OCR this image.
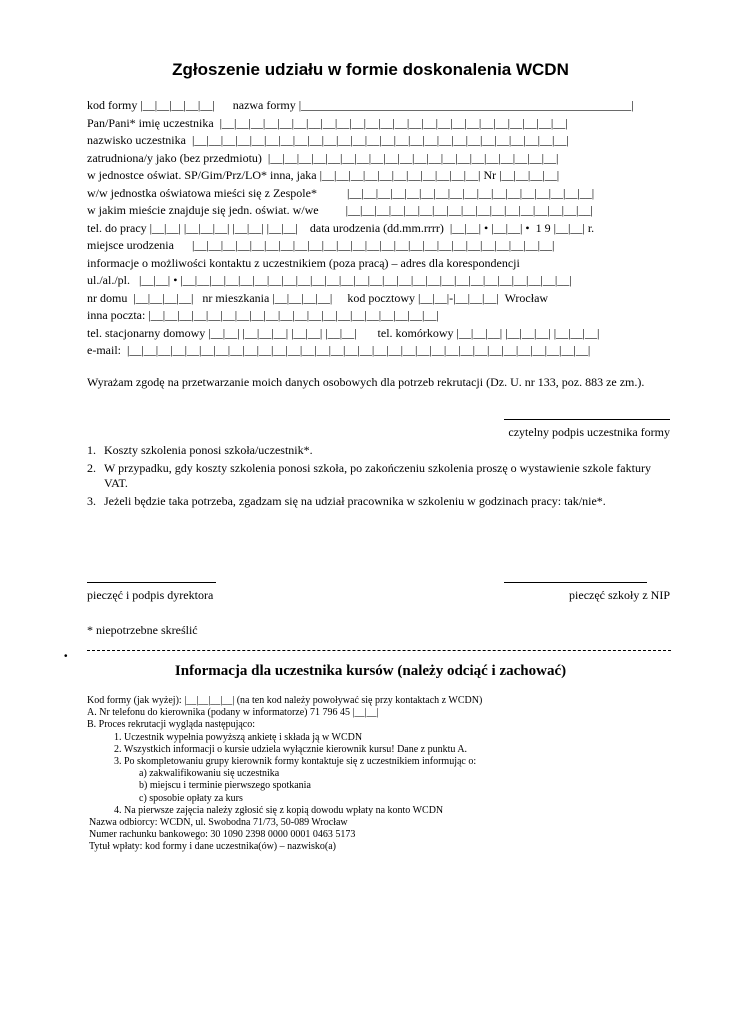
Zgłoszenie udziału w formie doskonalenia WCDN
kod formy |__|__|__|__|__|      nazwa formy |_______________________________________________________|
Pan/Pani* imię uczestnika  |__|__|__|__|__|__|__|__|__|__|__|__|__|__|__|__|__|__|__|__|__|__|__|__|
nazwisko uczestnika  |__|__|__|__|__|__|__|__|__|__|__|__|__|__|__|__|__|__|__|__|__|__|__|__|__|__|
zatrudniona/y jako (bez przedmiotu)  |__|__|__|__|__|__|__|__|__|__|__|__|__|__|__|__|__|__|__|__|
w jednostce oświat. SP/Gim/Prz/LO* inna, jaka |__|__|__|__|__|__|__|__|__|__|__| Nr |__|__|__|__|
w/w jednostka oświatowa mieści się z Zespole*          |__|__|__|__|__|__|__|__|__|__|__|__|__|__|__|__|__|
w jakim mieście znajduje się jedn. oświat. w/we         |__|__|__|__|__|__|__|__|__|__|__|__|__|__|__|__|__|
tel. do pracy |__|__| |__|__|__| |__|__| |__|__|    data urodzenia (dd.mm.rrrr)  |__|__| • |__|__| •  1 9 |__|__| r.
miejsce urodzenia      |__|__|__|__|__|__|__|__|__|__|__|__|__|__|__|__|__|__|__|__|__|__|__|__|__|
informacje o możliwości kontaktu z uczestnikiem (poza pracą) – adres dla korespondencji
ul./al./pl.   |__|__| • |__|__|__|__|__|__|__|__|__|__|__|__|__|__|__|__|__|__|__|__|__|__|__|__|__|__|__|
nr domu  |__|__|__|__|   nr mieszkania |__|__|__|__|     kod pocztowy |__|__|-|__|__|__|  Wrocław
inna poczta: |__|__|__|__|__|__|__|__|__|__|__|__|__|__|__|__|__|__|__|__|
tel. stacjonarny domowy |__|__| |__|__|__| |__|__| |__|__|       tel. komórkowy |__|__|__| |__|__|__| |__|__|__|
e-mail:  |__|__|__|__|__|__|__|__|__|__|__|__|__|__|__|__|__|__|__|__|__|__|__|__|__|__|__|__|__|__|__|__|
Wyrażam zgodę na przetwarzanie moich danych osobowych dla potrzeb rekrutacji (Dz. U. nr 133, poz. 883 ze zm.).
czytelny podpis uczestnika formy
1. Koszty szkolenia ponosi szkoła/uczestnik*.
2. W przypadku, gdy koszty szkolenia ponosi szkoła, po zakończeniu szkolenia proszę o wystawienie szkole faktury VAT.
3. Jeżeli będzie taka potrzeba, zgadzam się na udział pracownika w szkoleniu w godzinach pracy: tak/nie*.
pieczęć i podpis dyrektora	pieczęć szkoły z NIP
* niepotrzebne skreślić
•
Informacja dla uczestnika kursów (należy odciąć i zachować)
Kod formy (jak wyżej): |__|__|__|__| (na ten kod należy powoływać się przy kontaktach z WCDN)
A. Nr telefonu do kierownika (podany w informatorze) 71 796 45 |__|__|
B. Proces rekrutacji wygląda następująco:
1. Uczestnik wypełnia powyższą ankietę i składa ją w WCDN
2. Wszystkich informacji o kursie udziela wyłącznie kierownik kursu! Dane z punktu A.
3. Po skompletowaniu grupy kierownik formy kontaktuje się z uczestnikiem informując o:
a) zakwalifikowaniu się uczestnika
b) miejscu i terminie pierwszego spotkania
c) sposobie opłaty za kurs
4. Na pierwsze zajęcia należy zgłosić się z kopią dowodu wpłaty na konto WCDN
Nazwa odbiorcy: WCDN, ul. Swobodna 71/73, 50-089 Wrocław
Numer rachunku bankowego: 30 1090 2398 0000 0001 0463 5173
Tytuł wpłaty: kod formy i dane uczestnika(ów) – nazwisko(a)
